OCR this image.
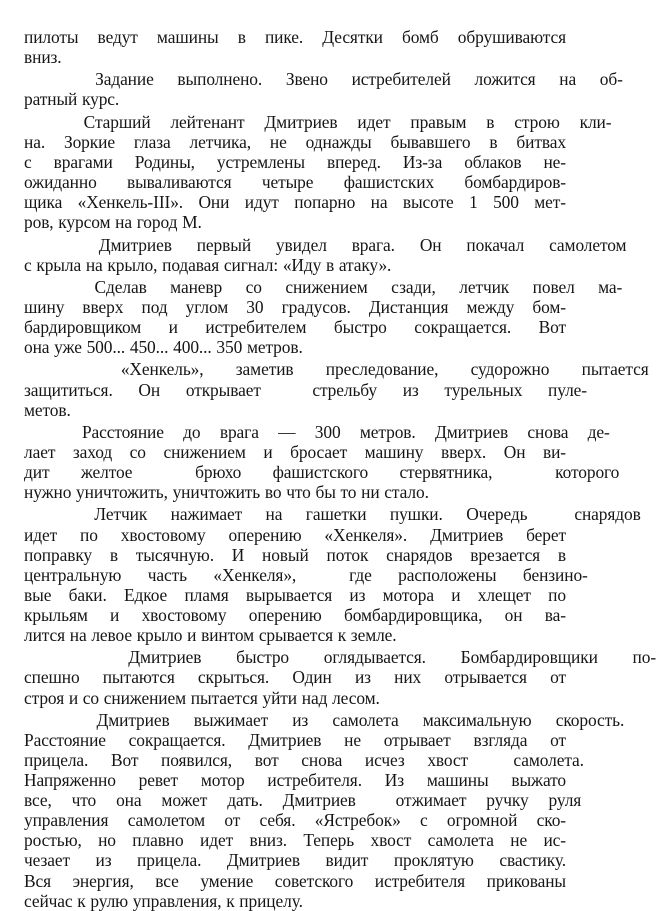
пилоты ведут машины в пике. Десятки бомб обрушиваются
вниз.
Задание выполнено. Звено истребителей ложится на об-
ратный курс.
Старший лейтенант Дмитриев идет правым в строю кли-
на. Зоркие глаза летчика, не однажды бывавшего в битвах
с врагами Родины, устремлены вперед. Из-за облаков не-
ожиданно вываливаются четыре фашистских бомбардиров-
щика «Хенкель-III». Они идут попарно на высоте 1 500 мет-
ров, курсом на город М.
Дмитриев первый увидел врага. Он покачал самолетом
с крыла на крыло, подавая сигнал: «Иду в атаку».
Сделав маневр со снижением сзади, летчик повел ма-
шину вверх под углом 30 градусов. Дистанция между бом-
бардировщиком и истребителем быстро сокращается. Вот
она уже 500... 450... 400... 350 метров.
«Хенкель», заметив преследование, судорожно пытается
защититься. Он открывает  стрельбу из турельных пуле-
метов.
Расстояние до врага — 300 метров. Дмитриев снова де-
лает заход со снижением и бросает машину вверх. Он ви-
дит желтое  брюхо фашистского стервятника,  которого
нужно уничтожить, уничтожить во что бы то ни стало.
Летчик нажимает на гашетки пушки. Очередь  снарядов
идет по хвостовому оперению «Хенкеля». Дмитриев берет
поправку в тысячную. И новый поток снарядов врезается в
центральную часть «Хенкеля»,  где расположены бензино-
вые баки. Едкое пламя вырывается из мотора и хлещет по
крыльям и хвостовому оперению бомбардировщика, он ва-
лится на левое крыло и винтом срывается к земле.
Дмитриев быстро оглядывается. Бомбардировщики по-
спешно пытаются скрыться. Один из них отрывается от
строя и со снижением пытается уйти над лесом.
Дмитриев выжимает из самолета максимальную скорость.
Расстояние сокращается. Дмитриев не отрывает взгляда от
прицела. Вот появился, вот снова исчез хвост  самолета.
Напряженно ревет мотор истребителя. Из машины выжато
все, что она может дать. Дмитриев  отжимает ручку руля
управления самолетом от себя. «Ястребок» с огромной ско-
ростью, но плавно идет вниз. Теперь хвост самолета не ис-
чезает из прицела. Дмитриев видит проклятую свастику.
Вся энергия, все умение советского истребителя прикованы
сейчас к рулю управления, к прицелу.
